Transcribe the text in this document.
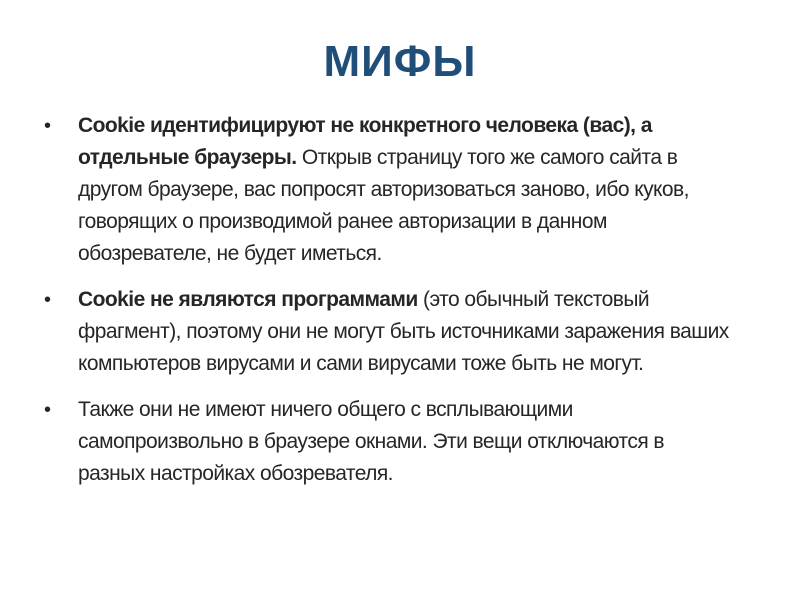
МИФЫ
•	Cookie идентифицируют не конкретного человека (вас), а отдельные браузеры. Открыв страницу того же самого сайта в другом браузере, вас попросят авторизоваться заново, ибо куков, говорящих о производимой ранее авторизации в данном обозревателе, не будет иметься.
•	Cookie не являются программами (это обычный текстовый фрагмент), поэтому они не могут быть источниками заражения ваших компьютеров вирусами и сами вирусами тоже быть не могут.
•	Также они не имеют ничего общего с всплывающими самопроизвольно в браузере окнами. Эти вещи отключаются в разных настройках обозревателя.
